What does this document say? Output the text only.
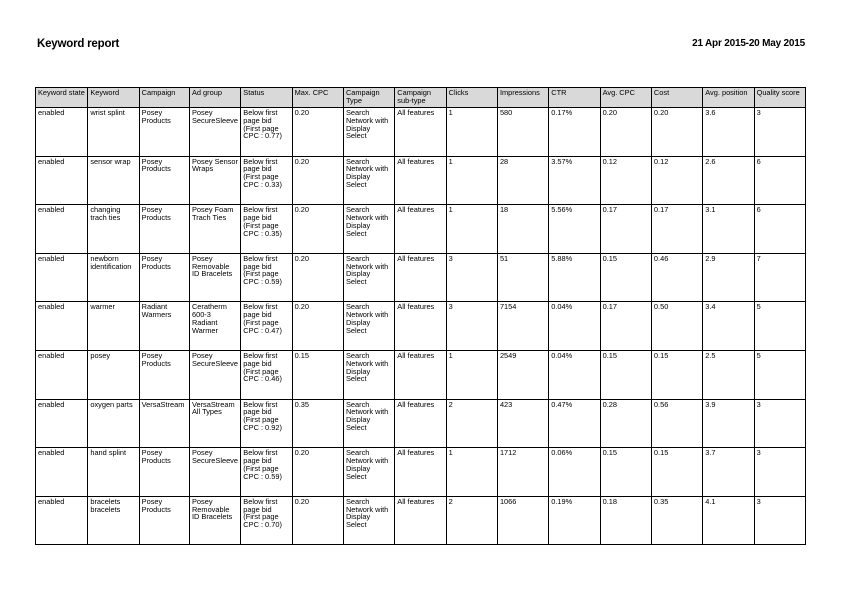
Keyword report	21 Apr 2015-20 May 2015
Keyword state	Keyword	Campaign	Ad group	Status	Max. CPC	Campaign Type	Campaign sub-type	Clicks	Impressions	CTR	Avg. CPC	Cost	Avg. position	Quality score
enabled	wrist splint	Posey Products	Posey SecureSleeve	Below first page bid (First page CPC : 0.77)	0.20	Search Network with Display Select	All features	1	580	0.17%	0.20	0.20	3.6	3
enabled	sensor wrap	Posey Products	Posey Sensor Wraps	Below first page bid (First page CPC : 0.33)	0.20	Search Network with Display Select	All features	1	28	3.57%	0.12	0.12	2.6	6
enabled	changing trach ties	Posey Products	Posey Foam Trach Ties	Below first page bid (First page CPC : 0.35)	0.20	Search Network with Display Select	All features	1	18	5.56%	0.17	0.17	3.1	6
enabled	newborn identification	Posey Products	Posey Removable ID Bracelets	Below first page bid (First page CPC : 0.59)	0.20	Search Network with Display Select	All features	3	51	5.88%	0.15	0.46	2.9	7
enabled	warmer	Radiant Warmers	Ceratherm 600-3 Radiant Warmer	Below first page bid (First page CPC : 0.47)	0.20	Search Network with Display Select	All features	3	7154	0.04%	0.17	0.50	3.4	5
enabled	posey	Posey Products	Posey SecureSleeve	Below first page bid (First page CPC : 0.46)	0.15	Search Network with Display Select	All features	1	2549	0.04%	0.15	0.15	2.5	5
enabled	oxygen parts	VersaStream	VersaStream All Types	Below first page bid (First page CPC : 0.92)	0.35	Search Network with Display Select	All features	2	423	0.47%	0.28	0.56	3.9	3
enabled	hand splint	Posey Products	Posey SecureSleeve	Below first page bid (First page CPC : 0.59)	0.20	Search Network with Display Select	All features	1	1712	0.06%	0.15	0.15	3.7	3
enabled	bracelets bracelets	Posey Products	Posey Removable ID Bracelets	Below first page bid (First page CPC : 0.70)	0.20	Search Network with Display Select	All features	2	1066	0.19%	0.18	0.35	4.1	3
